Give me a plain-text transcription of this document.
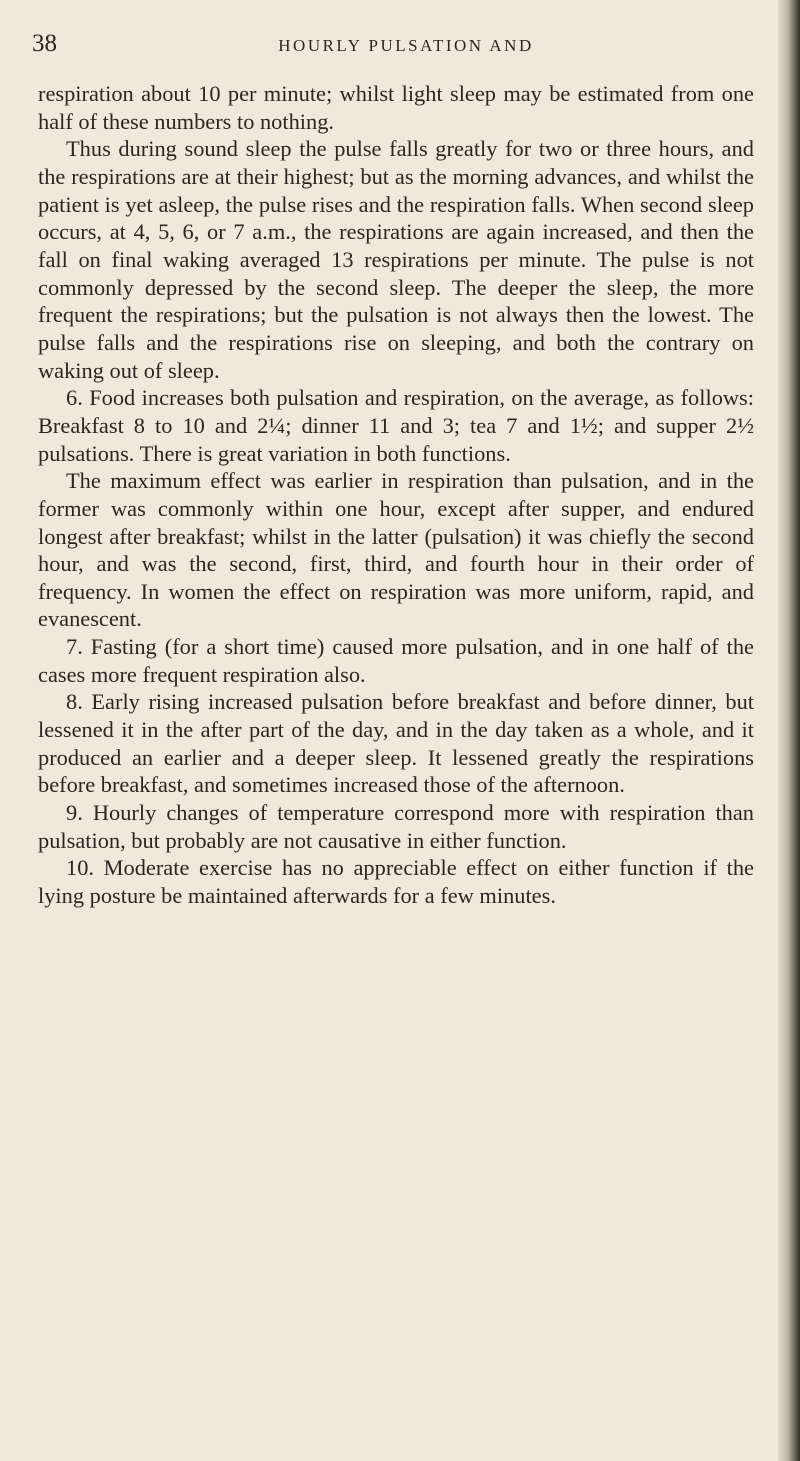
38	HOURLY PULSATION AND

respiration about 10 per minute; whilst light sleep may be estimated from one half of these numbers to nothing.

Thus during sound sleep the pulse falls greatly for two or three hours, and the respirations are at their highest; but as the morning advances, and whilst the patient is yet asleep, the pulse rises and the respiration falls. When second sleep occurs, at 4, 5, 6, or 7 a.m., the respirations are again increased, and then the fall on final waking averaged 13 respirations per minute. The pulse is not commonly depressed by the second sleep. The deeper the sleep, the more frequent the respirations; but the pulsation is not always then the lowest. The pulse falls and the respirations rise on sleeping, and both the contrary on waking out of sleep.

6. Food increases both pulsation and respiration, on the average, as follows: Breakfast 8 to 10 and 2¼; dinner 11 and 3; tea 7 and 1½; and supper 2½ pulsations. There is great variation in both functions.

The maximum effect was earlier in respiration than pulsation, and in the former was commonly within one hour, except after supper, and endured longest after breakfast; whilst in the latter (pulsation) it was chiefly the second hour, and was the second, first, third, and fourth hour in their order of frequency. In women the effect on respiration was more uniform, rapid, and evanescent.

7. Fasting (for a short time) caused more pulsation, and in one half of the cases more frequent respiration also.

8. Early rising increased pulsation before breakfast and before dinner, but lessened it in the after part of the day, and in the day taken as a whole, and it produced an earlier and a deeper sleep. It lessened greatly the respirations before breakfast, and sometimes increased those of the afternoon.

9. Hourly changes of temperature correspond more with respiration than pulsation, but probably are not causative in either function.

10. Moderate exercise has no appreciable effect on either function if the lying posture be maintained afterwards for a few minutes.
